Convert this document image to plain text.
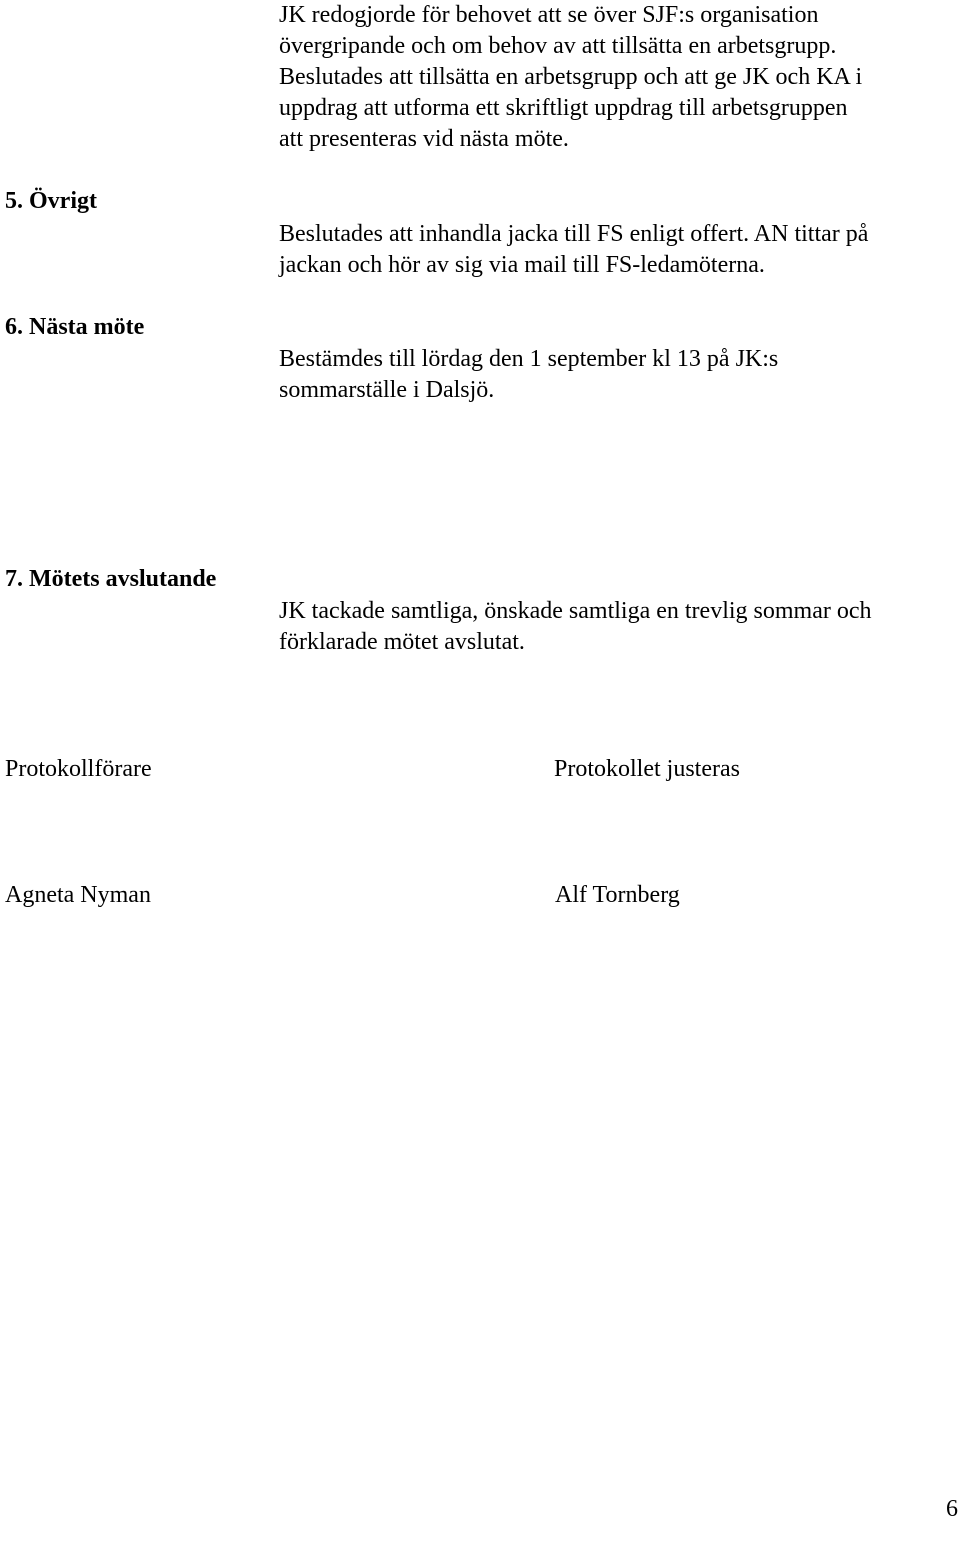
JK redogjorde för behovet att se över SJF:s organisation
övergripande och om behov av att tillsätta en arbetsgrupp.
Beslutades att tillsätta en arbetsgrupp och att ge JK och KA i
uppdrag att utforma ett skriftligt uppdrag till arbetsgruppen
att presenteras vid nästa möte.
5. Övrigt
Beslutades att inhandla jacka till FS enligt offert. AN tittar på
jackan och hör av sig via mail till FS-ledamöterna.
6. Nästa möte
Bestämdes till lördag den 1 september kl 13 på JK:s
sommarställe i Dalsjö.
7. Mötets avslutande
JK tackade samtliga, önskade samtliga en trevlig sommar och
förklarade mötet avslutat.
Protokollförare	Protokollet justeras
Agneta Nyman	Alf Tornberg
6
